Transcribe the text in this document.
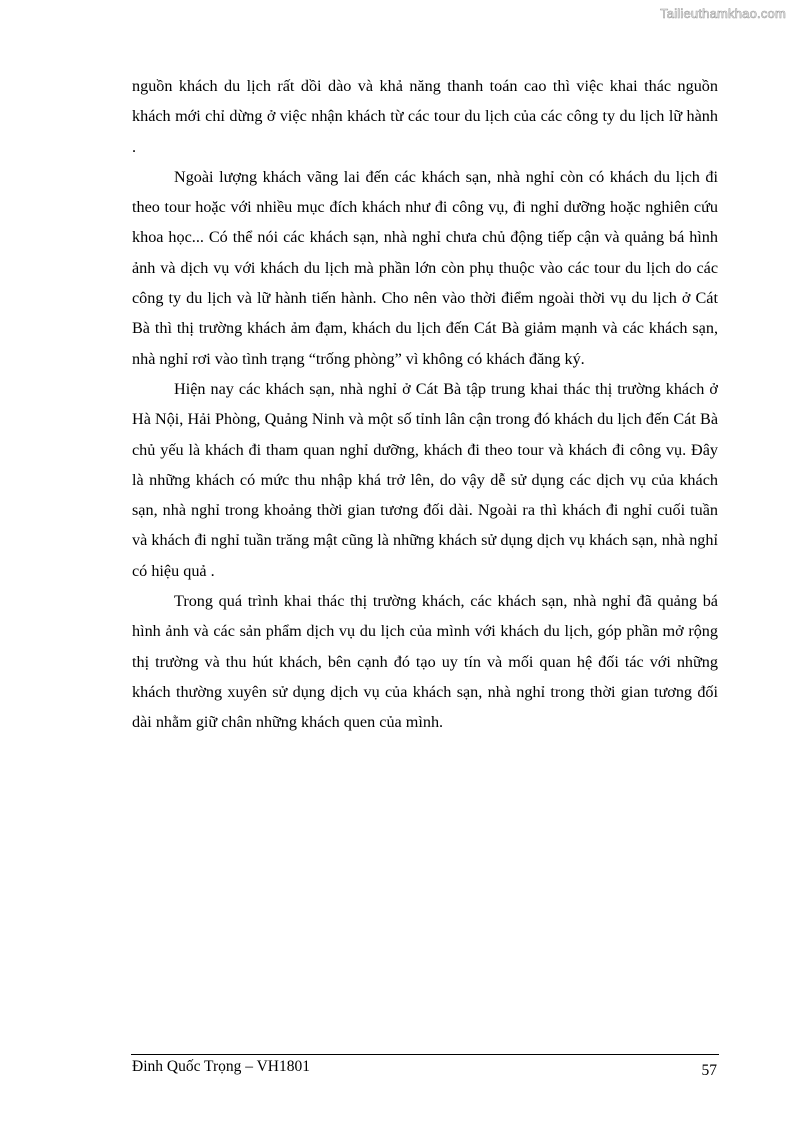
Tailieuthamkhao.com

nguồn khách du lịch rất dồi dào và khả năng thanh toán cao thì việc khai thác nguồn khách mới chỉ dừng ở việc nhận khách từ các tour du lịch của các công ty du lịch lữ hành .

Ngoài lượng khách vãng lai đến các khách sạn, nhà nghỉ còn có khách du lịch đi theo tour hoặc với nhiều mục đích khách như đi công vụ, đi nghỉ dưỡng hoặc nghiên cứu khoa học... Có thể nói các khách sạn, nhà nghỉ chưa chủ động tiếp cận và quảng bá hình ảnh và dịch vụ với khách du lịch mà phần lớn còn phụ thuộc vào các tour du lịch do các công ty du lịch và lữ hành tiến hành. Cho nên vào thời điểm ngoài thời vụ du lịch ở Cát Bà thì thị trường khách ảm đạm, khách du lịch đến Cát Bà giảm mạnh và các khách sạn, nhà nghỉ rơi vào tình trạng “trống phòng” vì không có khách đăng ký.

Hiện nay các khách sạn, nhà nghỉ ở Cát Bà tập trung khai thác thị trường khách ở Hà Nội, Hải Phòng, Quảng Ninh và một số tỉnh lân cận trong đó khách du lịch đến Cát Bà chủ yếu là khách đi tham quan nghỉ dưỡng, khách đi theo tour và khách đi công vụ. Đây là những khách có mức thu nhập khá trở lên, do vậy dễ sử dụng các dịch vụ của khách sạn, nhà nghỉ trong khoảng thời gian tương đối dài. Ngoài ra thì khách đi nghỉ cuối tuần và khách đi nghỉ tuần trăng mật cũng là những khách sử dụng dịch vụ khách sạn, nhà nghỉ có hiệu quả .

Trong quá trình khai thác thị trường khách, các khách sạn, nhà nghỉ đã quảng bá hình ảnh và các sản phẩm dịch vụ du lịch của mình với khách du lịch, góp phần mở rộng thị trường và thu hút khách, bên cạnh đó tạo uy tín và mối quan hệ đối tác với những khách thường xuyên sử dụng dịch vụ của khách sạn, nhà nghỉ trong thời gian tương đối dài nhằm giữ chân những khách quen của mình.

Đinh Quốc Trọng – VH1801	57
